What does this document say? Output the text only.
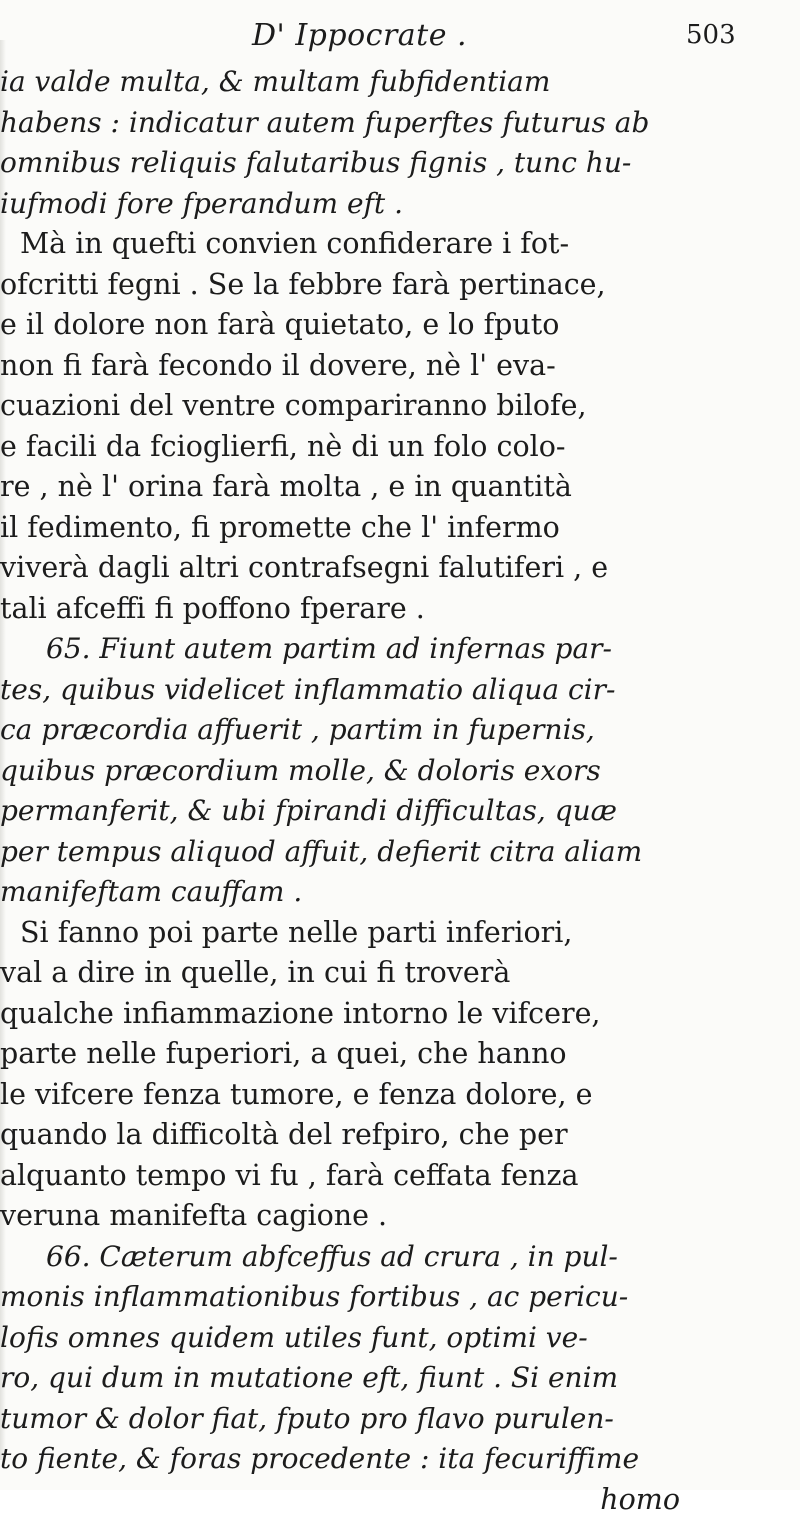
D' Ippocrate .	503
ia valde multa, & multam fubfidentiam
habens : indicatur autem fuperftes futurus ab
omnibus reliquis falutaribus fignis , tunc hu-
iufmodi fore fperandum eft .
Mà in quefti convien confiderare i fot-
ofcritti fegni . Se la febbre farà pertinace,
e il dolore non farà quietato, e lo fputo
non fi farà fecondo il dovere, nè l' eva-
cuazioni del ventre compariranno bilofe,
e facili da fcioglierfi, nè di un folo colo-
re , nè l' orina farà molta , e in quantità
il fedimento, fi promette che l' infermo
viverà dagli altri contrafsegni falutiferi , e
tali afceffi fi poffono fperare .
65. Fiunt autem partim ad infernas par-
tes, quibus videlicet inflammatio aliqua cir-
ca præcordia affuerit , partim in fupernis,
quibus præcordium molle, & doloris exors
permanferit, & ubi fpirandi difficultas, quæ
per tempus aliquod affuit, defierit citra aliam
manifeftam cauffam .
Si fanno poi parte nelle parti inferiori,
val a dire in quelle, in cui fi troverà
qualche infiammazione intorno le vifcere,
parte nelle fuperiori, a quei, che hanno
le vifcere fenza tumore, e fenza dolore, e
quando la difficoltà del refpiro, che per
alquanto tempo vi fu , farà ceffata fenza
veruna manifefta cagione .
66. Cæterum abfceffus ad crura , in pul-
monis inflammationibus fortibus , ac pericu-
lofis omnes quidem utiles funt, optimi ve-
ro, qui dum in mutatione eft, fiunt . Si enim
tumor & dolor fiat, fputo pro flavo purulen-
to fiente, & foras procedente : ita fecuriffime
homo
